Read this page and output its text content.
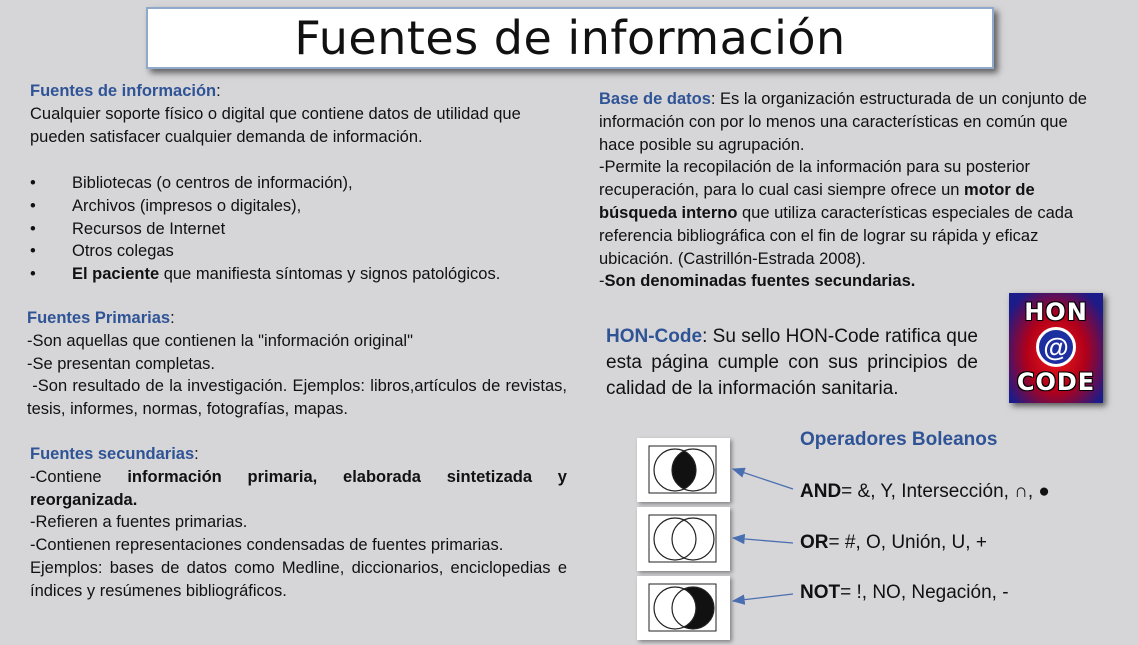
Fuentes de información
Fuentes de información:
Cualquier soporte físico o digital que contiene datos de utilidad que pueden satisfacer cualquier demanda de información.
• Bibliotecas (o centros de información),
• Archivos (impresos o digitales),
• Recursos de Internet
• Otros colegas
• El paciente que manifiesta síntomas y signos patológicos.
Fuentes Primarias:
-Son aquellas que contienen la "información original"
-Se presentan completas.
-Son resultado de la investigación. Ejemplos: libros,artículos de revistas, tesis, informes, normas, fotografías, mapas.
Fuentes secundarias:
-Contiene información primaria, elaborada sintetizada y reorganizada.
-Refieren a fuentes primarias.
-Contienen representaciones condensadas de fuentes primarias.
Ejemplos: bases de datos como Medline, diccionarios, enciclopedias e índices y resúmenes bibliográficos.
Base de datos: Es la organización estructurada de un conjunto de información con por lo menos una características en común que hace posible su agrupación.
-Permite la recopilación de la información para su posterior recuperación, para lo cual casi siempre ofrece un motor de búsqueda interno que utiliza características especiales de cada referencia bibliográfica con el fin de lograr su rápida y eficaz ubicación. (Castrillón-Estrada 2008).
-Son denominadas fuentes secundarias.
HON-Code: Su sello HON-Code ratifica que esta página cumple con sus principios de calidad de la información sanitaria.
HON
@
CODE
Operadores Boleanos
AND= &, Y, Intersección, ∩, ●
OR= #, O, Unión, U, +
NOT= !, NO, Negación, -
